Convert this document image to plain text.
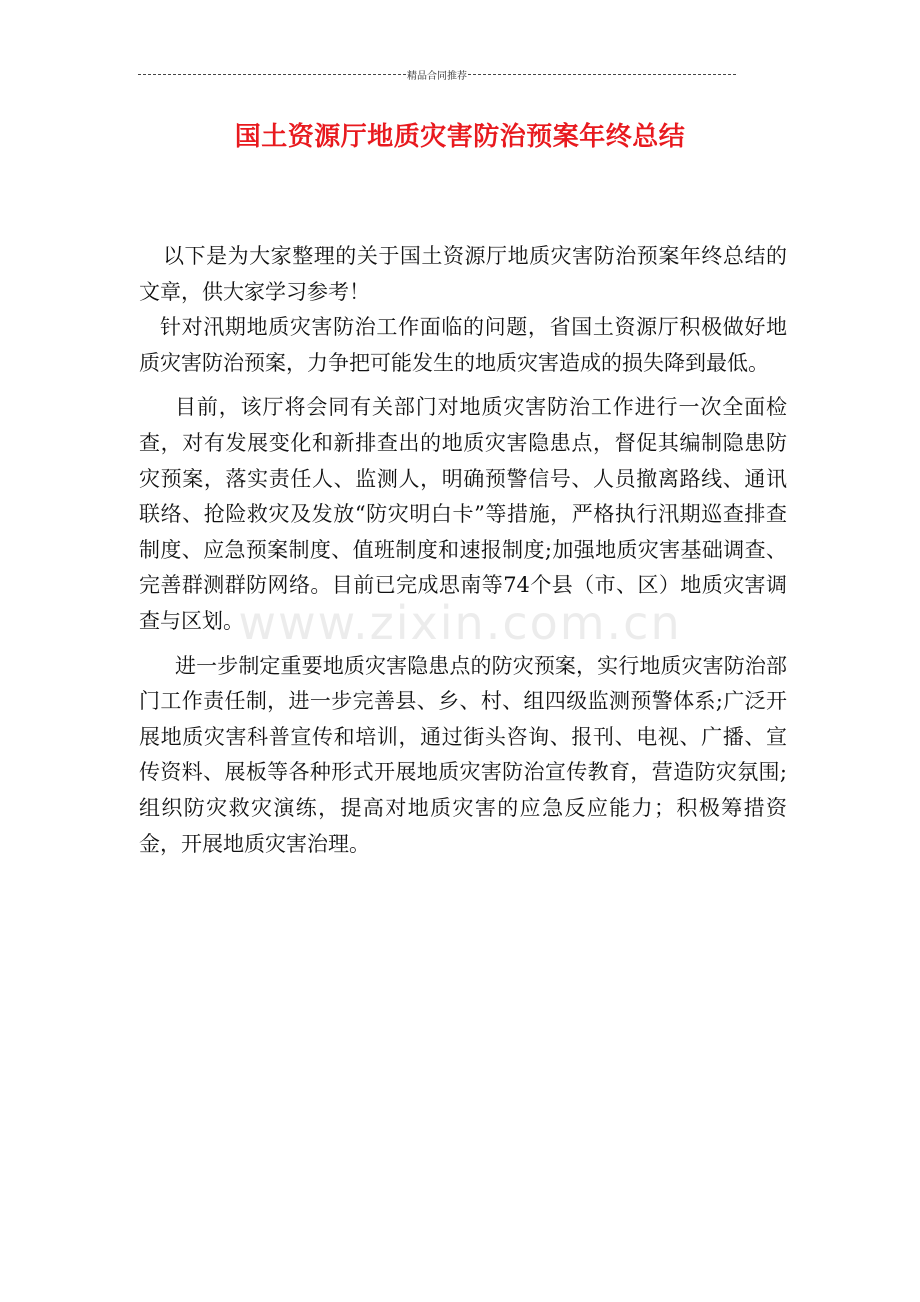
精品合同推荐
国土资源厅地质灾害防治预案年终总结
www.zixin.com.cn

以下是为大家整理的关于国土资源厅地质灾害防治预案年终总结的文章，供大家学习参考！

针对汛期地质灾害防治工作面临的问题，省国土资源厅积极做好地质灾害防治预案，力争把可能发生的地质灾害造成的损失降到最低。

目前，该厅将会同有关部门对地质灾害防治工作进行一次全面检查，对有发展变化和新排查出的地质灾害隐患点，督促其编制隐患防灾预案，落实责任人、监测人，明确预警信号、人员撤离路线、通讯联络、抢险救灾及发放“防灾明白卡”等措施，严格执行汛期巡查排查制度、应急预案制度、值班制度和速报制度;加强地质灾害基础调查、完善群测群防网络。目前已完成思南等74个县（市、区）地质灾害调查与区划。

进一步制定重要地质灾害隐患点的防灾预案，实行地质灾害防治部门工作责任制，进一步完善县、乡、村、组四级监测预警体系;广泛开展地质灾害科普宣传和培训，通过街头咨询、报刊、电视、广播、宣传资料、展板等各种形式开展地质灾害防治宣传教育，营造防灾氛围;组织防灾救灾演练，提高对地质灾害的应急反应能力；积极筹措资金，开展地质灾害治理。
